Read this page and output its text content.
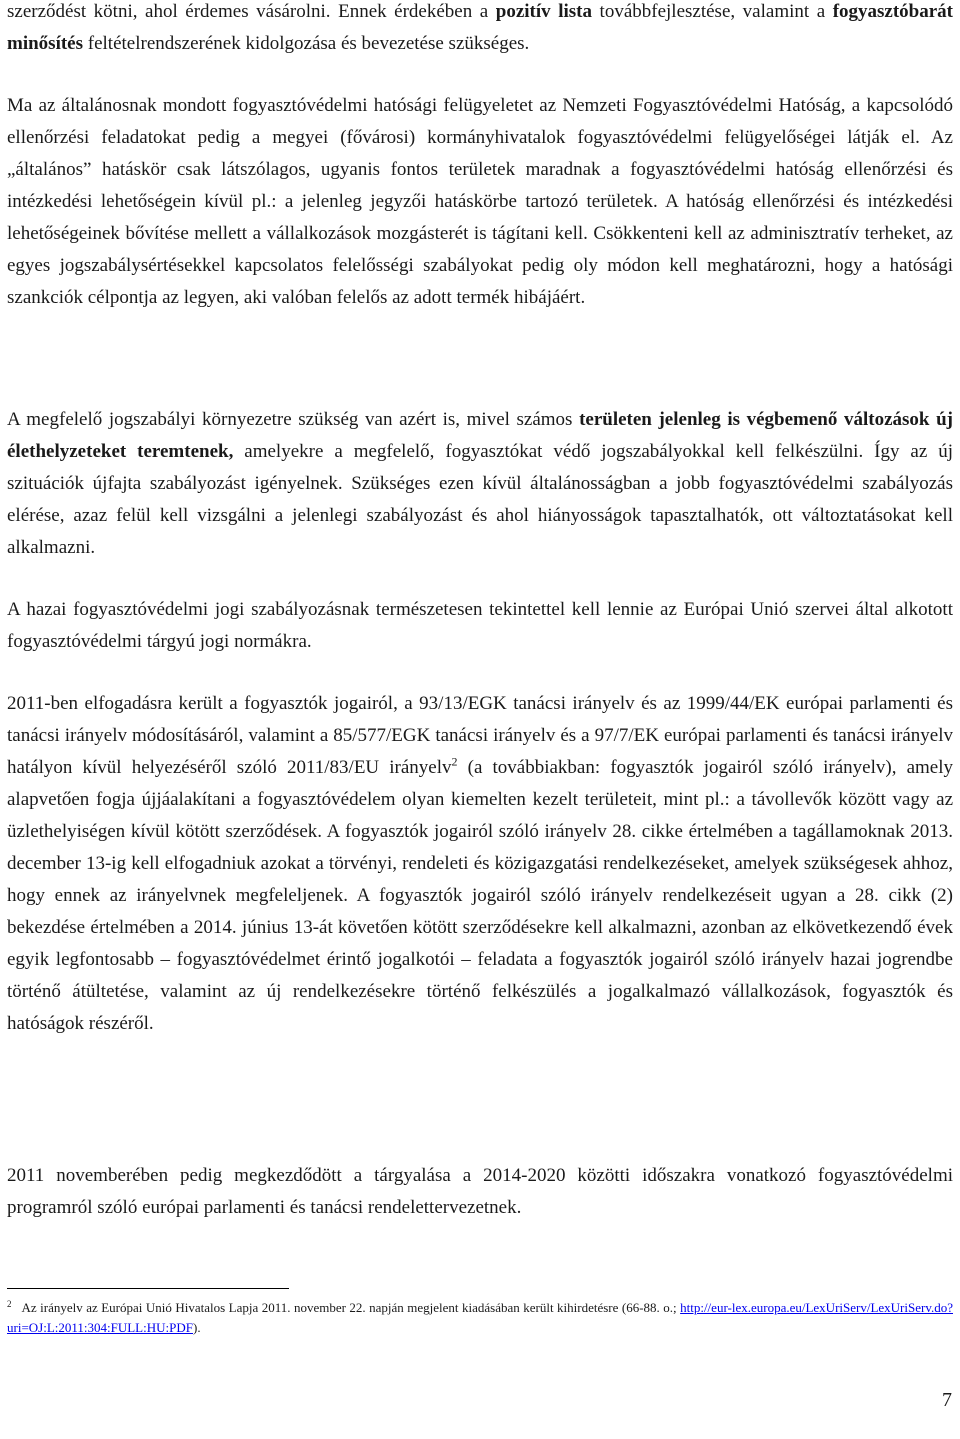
szerződést kötni, ahol érdemes vásárolni. Ennek érdekében a pozitív lista továbbfejlesztése, valamint a fogyasztóbarát minősítés feltételrendszerének kidolgozása és bevezetése szükséges.

Ma az általánosnak mondott fogyasztóvédelmi hatósági felügyeletet az Nemzeti Fogyasztóvédelmi Hatóság, a kapcsolódó ellenőrzési feladatokat pedig a megyei (fővárosi) kormányhivatalok fogyasztóvédelmi felügyelőségei látják el. Az „általános” hatáskör csak látszólagos, ugyanis fontos területek maradnak a fogyasztóvédelmi hatóság ellenőrzési és intézkedési lehetőségein kívül pl.: a jelenleg jegyzői hatáskörbe tartozó területek. A hatóság ellenőrzési és intézkedési lehetőségeinek bővítése mellett a vállalkozások mozgásterét is tágítani kell. Csökkenteni kell az adminisztratív terheket, az egyes jogszabálysértésekkel kapcsolatos felelősségi szabályokat pedig oly módon kell meghatározni, hogy a hatósági szankciók célpontja az legyen, aki valóban felelős az adott termék hibájáért.

A megfelelő jogszabályi környezetre szükség van azért is, mivel számos területen jelenleg is végbemenő változások új élethelyzeteket teremtenek, amelyekre a megfelelő, fogyasztókat védő jogszabályokkal kell felkészülni. Így az új szituációk újfajta szabályozást igényelnek. Szükséges ezen kívül általánosságban a jobb fogyasztóvédelmi szabályozás elérése, azaz felül kell vizsgálni a jelenlegi szabályozást és ahol hiányosságok tapasztalhatók, ott változtatásokat kell alkalmazni.

A hazai fogyasztóvédelmi jogi szabályozásnak természetesen tekintettel kell lennie az Európai Unió szervei által alkotott fogyasztóvédelmi tárgyú jogi normákra.

2011-ben elfogadásra került a fogyasztók jogairól, a 93/13/EGK tanácsi irányelv és az 1999/44/EK európai parlamenti és tanácsi irányelv módosításáról, valamint a 85/577/EGK tanácsi irányelv és a 97/7/EK európai parlamenti és tanácsi irányelv hatályon kívül helyezéséről szóló 2011/83/EU irányelv$^2$ (a továbbiakban: fogyasztók jogairól szóló irányelv), amely alapvetően fogja újjáalakítani a fogyasztóvédelem olyan kiemelten kezelt területeit, mint pl.: a távollevők között vagy az üzlethelyiségen kívül kötött szerződések. A fogyasztók jogairól szóló irányelv 28. cikke értelmében a tagállamoknak 2013. december 13-ig kell elfogadniuk azokat a törvényi, rendeleti és közigazgatási rendelkezéseket, amelyek szükségesek ahhoz, hogy ennek az irányelvnek megfeleljenek. A fogyasztók jogairól szóló irányelv rendelkezéseit ugyan a 28. cikk (2) bekezdése értelmében a 2014. június 13-át követően kötött szerződésekre kell alkalmazni, azonban az elkövetkezendő évek egyik legfontosabb – fogyasztóvédelmet érintő jogalkotói – feladata a fogyasztók jogairól szóló irányelv hazai jogrendbe történő átültetése, valamint az új rendelkezésekre történő felkészülés a jogalkalmazó vállalkozások, fogyasztók és hatóságok részéről.

2011 novemberében pedig megkezdődött a tárgyalása a 2014-2020 közötti időszakra vonatkozó fogyasztóvédelmi programról szóló európai parlamenti és tanácsi rendelettervezetnek.

$^2$ Az irányelv az Európai Unió Hivatalos Lapja 2011. november 22. napján megjelent kiadásában került kihirdetésre (66-88. o.; http://eur-lex.europa.eu/LexUriServ/LexUriServ.do?uri=OJ:L:2011:304:FULL:HU:PDF).
7
